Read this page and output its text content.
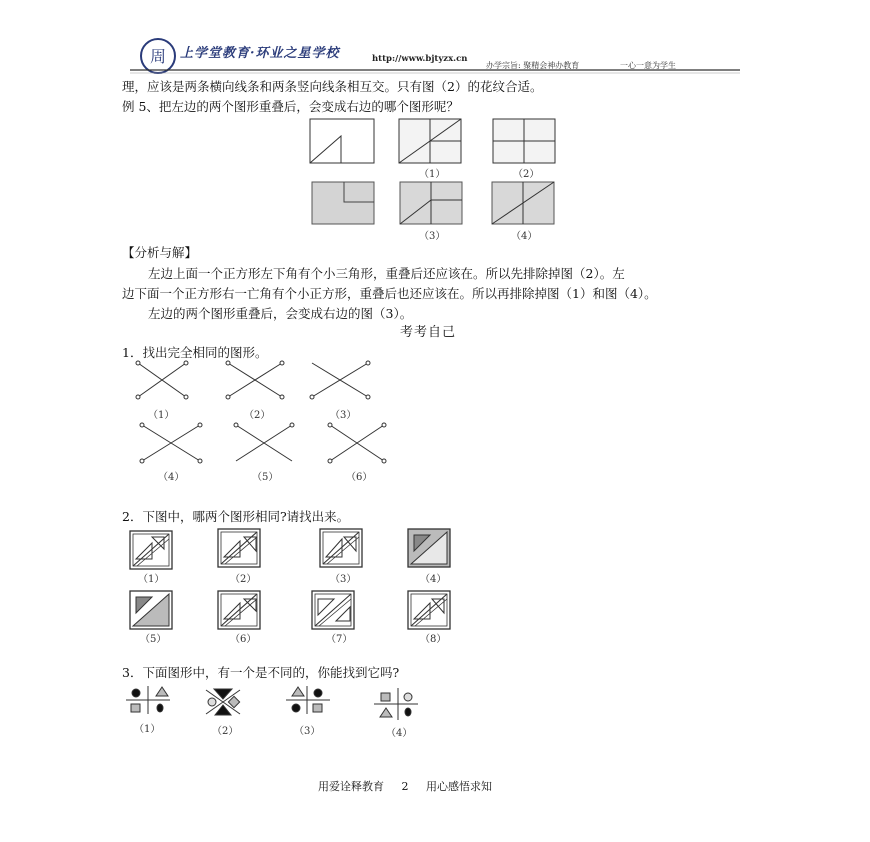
周 上学堂教育·环业之星学校	http://www.bjtyzx.cn
办学宗旨: 聚精会神办教育	一心一意为学生
理，应该是两条横向线条和两条竖向线条相互交。只有图（2）的花纹合适。
例 5、把左边的两个图形重叠后，会变成右边的哪个图形呢？
（1）	（2）
（3）	（4）
【分析与解】
左边上面一个正方形左下角有个小三角形，重叠后还应该在。所以先排除掉图（2）。左
边下面一个正方形右一亡角有个小正方形，重叠后也还应该在。所以再排除掉图（1）和图（4）。
左边的两个图形重叠后，会变成右边的图（3）。
考考自己
1．找出完全相同的图形。
（1）	（2）	（3）
（4）	（5）	（6）
2．下图中，哪两个图形相同?请找出来。
（1）	（2）	（3）	（4）
（5）	（6）	（7）	（8）
3．下面图形中，有一个是不同的，你能找到它吗?
（1）	（2）	（3）	（4）
用爱诠释教育 2 用心感悟求知
